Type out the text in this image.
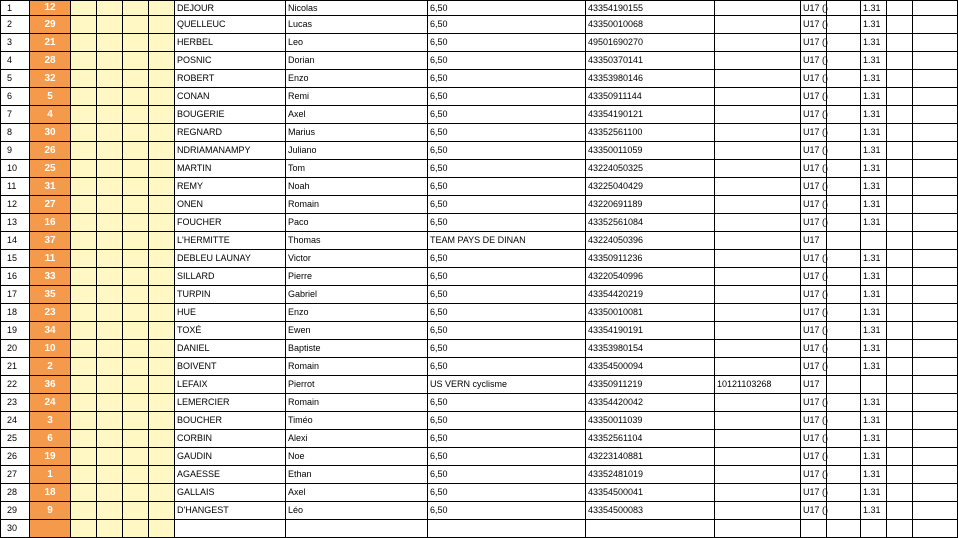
1	12					DEJOUR	Nicolas	6,50	43354190155		U17 ()		1.31		
2	29					QUELLEUC	Lucas	6,50	43350010068		U17 ()		1.31		
3	21					HERBEL	Leo	6,50	49501690270		U17 ()		1.31		
4	28					POSNIC	Dorian	6,50	43350370141		U17 ()		1.31		
5	32					ROBERT	Enzo	6,50	43353980146		U17 ()		1.31		
6	5					CONAN	Remi	6,50	43350911144		U17 ()		1.31		
7	4					BOUGERIE	Axel	6,50	43354190121		U17 ()		1.31		
8	30					REGNARD	Marius	6,50	43352561100		U17 ()		1.31		
9	26					NDRIAMANAMPY	Juliano	6,50	43350011059		U17 ()		1.31		
10	25					MARTIN	Tom	6,50	43224050325		U17 ()		1.31		
11	31					REMY	Noah	6,50	43225040429		U17 ()		1.31		
12	27					ONEN	Romain	6,50	43220691189		U17 ()		1.31		
13	16					FOUCHER	Paco	6,50	43352561084		U17 ()		1.31		
14	37					L'HERMITTE	Thomas	TEAM PAYS DE DINAN	43224050396		U17				
15	11					DEBLEU LAUNAY	Victor	6,50	43350911236		U17 ()		1.31		
16	33					SILLARD	Pierre	6,50	43220540996		U17 ()		1.31		
17	35					TURPIN	Gabriel	6,50	43354420219		U17 ()		1.31		
18	23					HUE	Enzo	6,50	43350010081		U17 ()		1.31		
19	34					TOXÉ	Ewen	6,50	43354190191		U17 ()		1.31		
20	10					DANIEL	Baptiste	6,50	43353980154		U17 ()		1.31		
21	2					BOIVENT	Romain	6,50	43354500094		U17 ()		1.31		
22	36					LEFAIX	Pierrot	US VERN cyclisme	43350911219	10121103268	U17				
23	24					LEMERCIER	Romain	6,50	43354420042		U17 ()		1.31		
24	3					BOUCHER	Timéo	6,50	43350011039		U17 ()		1.31		
25	6					CORBIN	Alexi	6,50	43352561104		U17 ()		1.31		
26	19					GAUDIN	Noe	6,50	43223140881		U17 ()		1.31		
27	1					AGAESSE	Ethan	6,50	43352481019		U17 ()		1.31		
28	18					GALLAIS	Axel	6,50	43354500041		U17 ()		1.31		
29	9					D'HANGEST	Léo	6,50	43354500083		U17 ()		1.31		
30															
